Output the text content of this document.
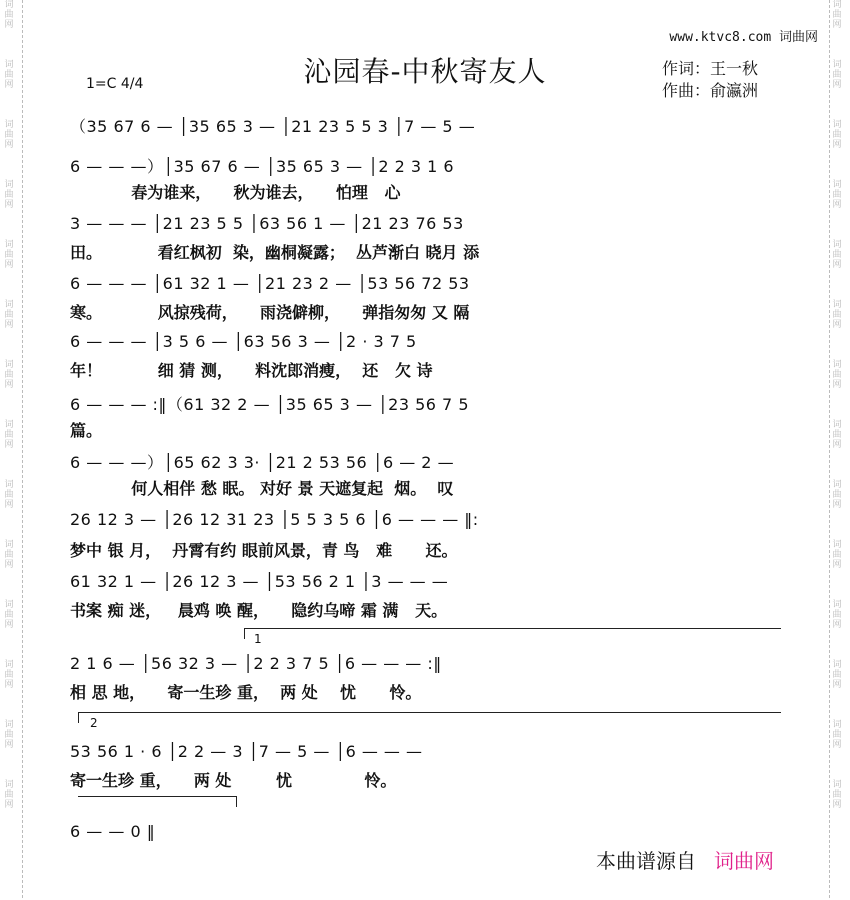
词曲网
词曲网
词曲网
词曲网
词曲网
词曲网
词曲网
词曲网
词曲网
词曲网
词曲网
词曲网
词曲网
词曲网
词曲网
词曲网
词曲网
词曲网
词曲网
词曲网
词曲网
词曲网
词曲网
词曲网
词曲网
词曲网
词曲网
词曲网
www.ktvc8.com 词曲网
沁园春-中秋寄友人	作词：王一秋
作曲：俞瀛洲
1=C 4/4
（35 67 6 — │35 65 3 — │21 23 5 5 3 │7 — 5 —
6 — — —）│35 67 6 — │35 65 3 — │2 2 3 1 6
春为谁来，    秋为谁去，    怕理   心
3 — — — │21 23 5 5 │63 56 1 — │21 23 76 53
田。          看红枫初  染，幽桐凝露；  丛芦渐白 晓月 添
6 — — — │61 32 1 — │21 23 2 — │53 56 72 53
寒。          风掠残荷，    雨浇僻柳，    弹指匆匆 又 隔
6 — — — │3 5 6 — │63 56 3 — │2 · 3 7 5
年！          细 猜 测，    料沈郎消瘦，  还   欠 诗
6 — — — :‖（61 32 2 — │35 65 3 — │23 56 7 5
篇。
6 — — —）│65 62 3 3· │21 2 53 56 │6 — 2 —
何人相伴 愁 眠。 对好 景 天遮复起  烟。  叹
26 12 3 — │26 12 31 23 │5 5 3 5 6 │6 — — — ‖:
梦中 银 月，  丹霄有约 眼前风景，青 鸟   难      还。
61 32 1 — │26 12 3 — │53 56 2 1 │3 — — —
书案 痴 迷，   晨鸡 唤 醒，    隐约乌啼 霜 满   天。
1
2 1 6 — │56 32 3 — │2 2 3 7 5 │6 — — — :‖
相 思 地，    寄一生珍 重，  两 处    忧      怜。
2
53 56 1 · 6 │2 2 — 3 │7 — 5 — │6 — — —
寄一生珍 重，    两 处        忧             怜。
6 — — 0 ‖
本曲谱源自 词曲网
